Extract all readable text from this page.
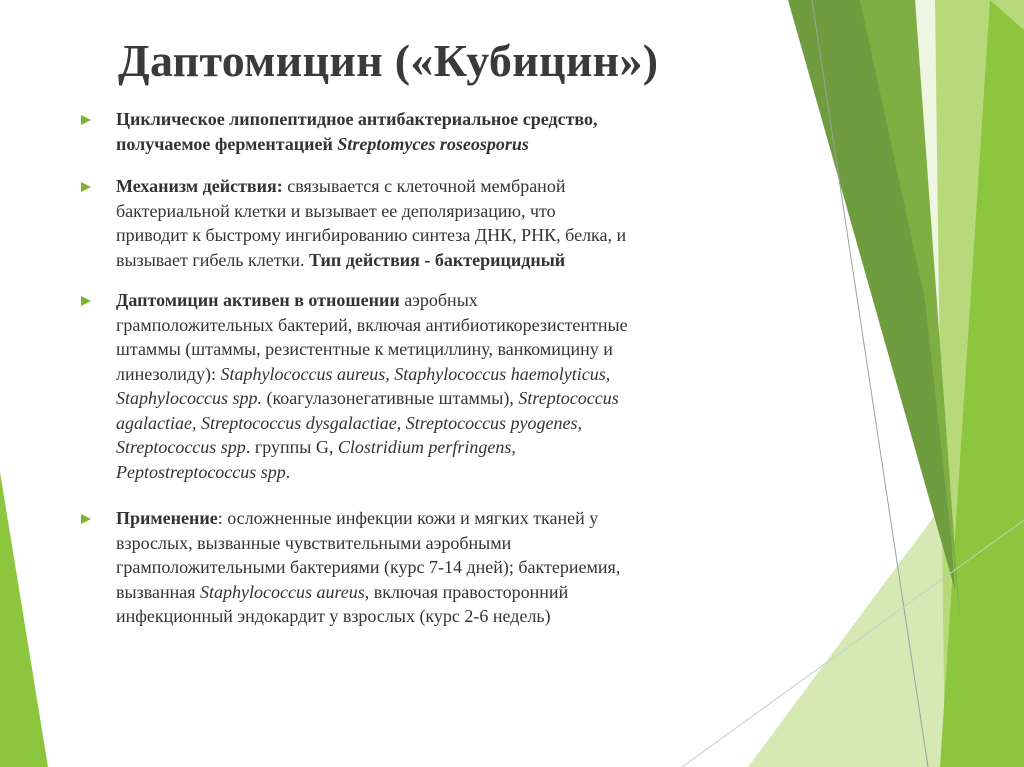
Даптомицин («Кубицин»)
Циклическое липопептидное антибактериальное средство,
получаемое ферментацией Streptomyces roseosporus
Механизм действия: связывается с клеточной мембраной
бактериальной клетки и вызывает ее деполяризацию, что
приводит к быстрому ингибированию синтеза ДНК, РНК, белка, и
вызывает гибель клетки. Тип действия - бактерицидный
Даптомицин активен в отношении аэробных
грамположительных бактерий, включая антибиотикорезистентные
штаммы (штаммы, резистентные к метициллину, ванкомицину и
линезолиду): Staphylococcus aureus, Staphylococcus haemolyticus,
Staphylococcus spp. (коагулазонегативные штаммы), Streptococcus
agalactiae, Streptococcus dysgalactiae, Streptococcus pyogenes,
Streptococcus spp. группы G, Clostridium perfringens,
Peptostreptococcus spp.
Применение: осложненные инфекции кожи и мягких тканей у
взрослых, вызванные чувствительными аэробными
грамположительными бактериями (курс 7-14 дней); бактериемия,
вызванная Staphylococcus aureus, включая правосторонний
инфекционный эндокардит у взрослых (курс 2-6 недель)
